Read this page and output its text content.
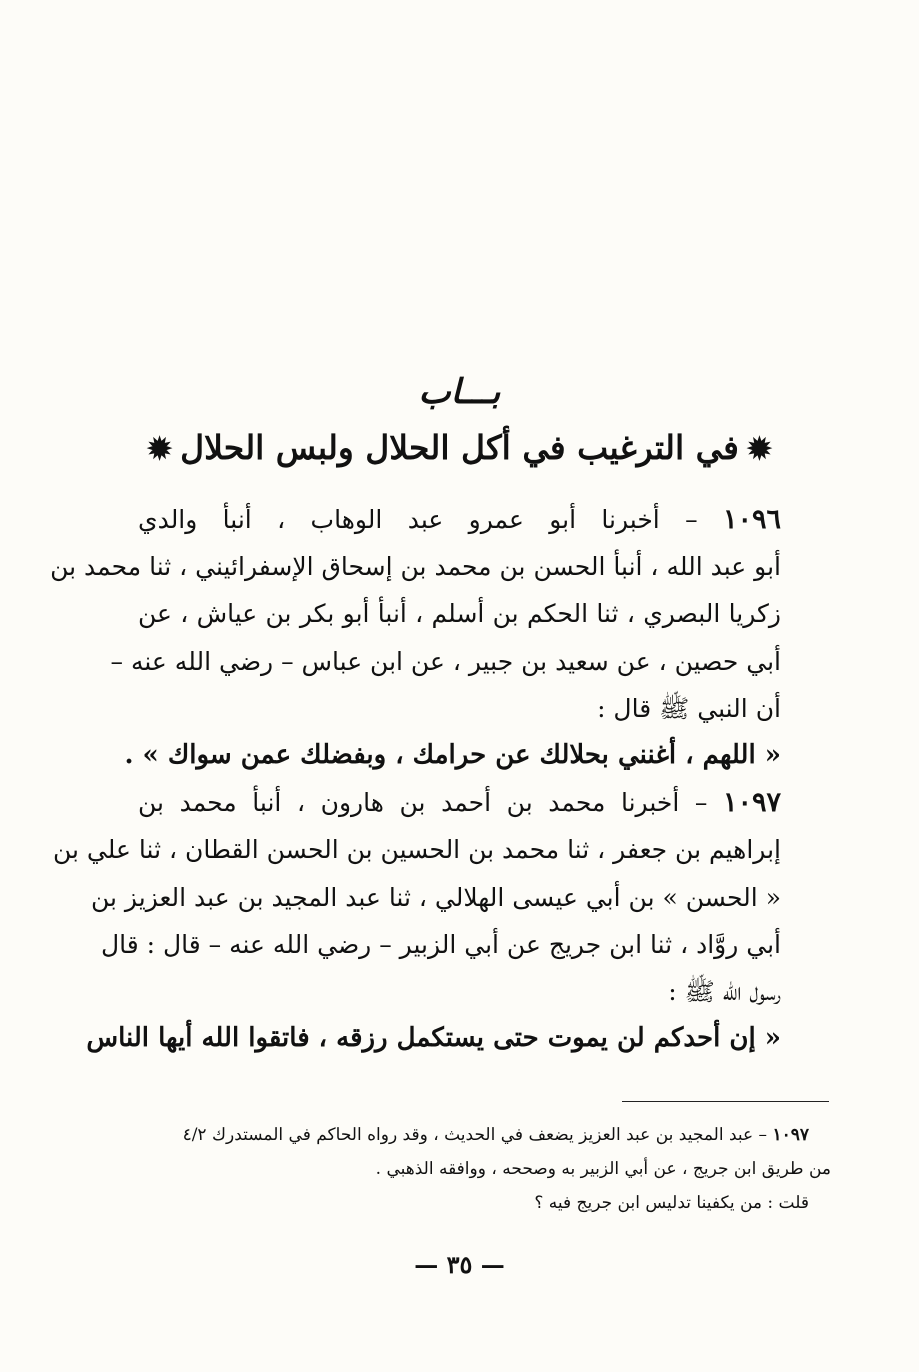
بـــاب
✹في الترغيب في أكل الحلال ولبس الحلال✹
١٠٩٦ – أخبرنا أبو عمرو عبد الوهاب ، أنبأ والدي
أبو عبد الله ، أنبأ الحسن بن محمد بن إسحاق الإسفرائيني ، ثنا محمد بن
زكريا البصري ، ثنا الحكم بن أسلم ، أنبأ أبو بكر بن عياش ، عن
أبي حصين ، عن سعيد بن جبير ، عن ابن عباس – رضي الله عنه –
أن النبي ﷺ قال :
« اللهم ، أغنني بحلالك عن حرامك ، وبفضلك عمن سواك » .
١٠٩٧ – أخبرنا محمد بن أحمد بن هارون ، أنبأ محمد بن
إبراهيم بن جعفر ، ثنا محمد بن الحسين بن الحسن القطان ، ثنا علي بن
« الحسن » بن أبي عيسى الهلالي ، ثنا عبد المجيد بن عبد العزيز بن
أبي روَّاد ، ثنا ابن جريج عن أبي الزبير – رضي الله عنه – قال : قال
رسول الله ﷺ :
« إن أحدكم لن يموت حتى يستكمل رزقه ، فاتقوا الله أيها الناس
١٠٩٧ – عبد المجيد بن عبد العزيز يضعف في الحديث ، وقد رواه الحاكم في المستدرك ٤/٢
من طريق ابن جريج ، عن أبي الزبير به وصححه ، ووافقه الذهبي .
قلت : من يكفينا تدليس ابن جريج فيه ؟
— ٣٥ —
